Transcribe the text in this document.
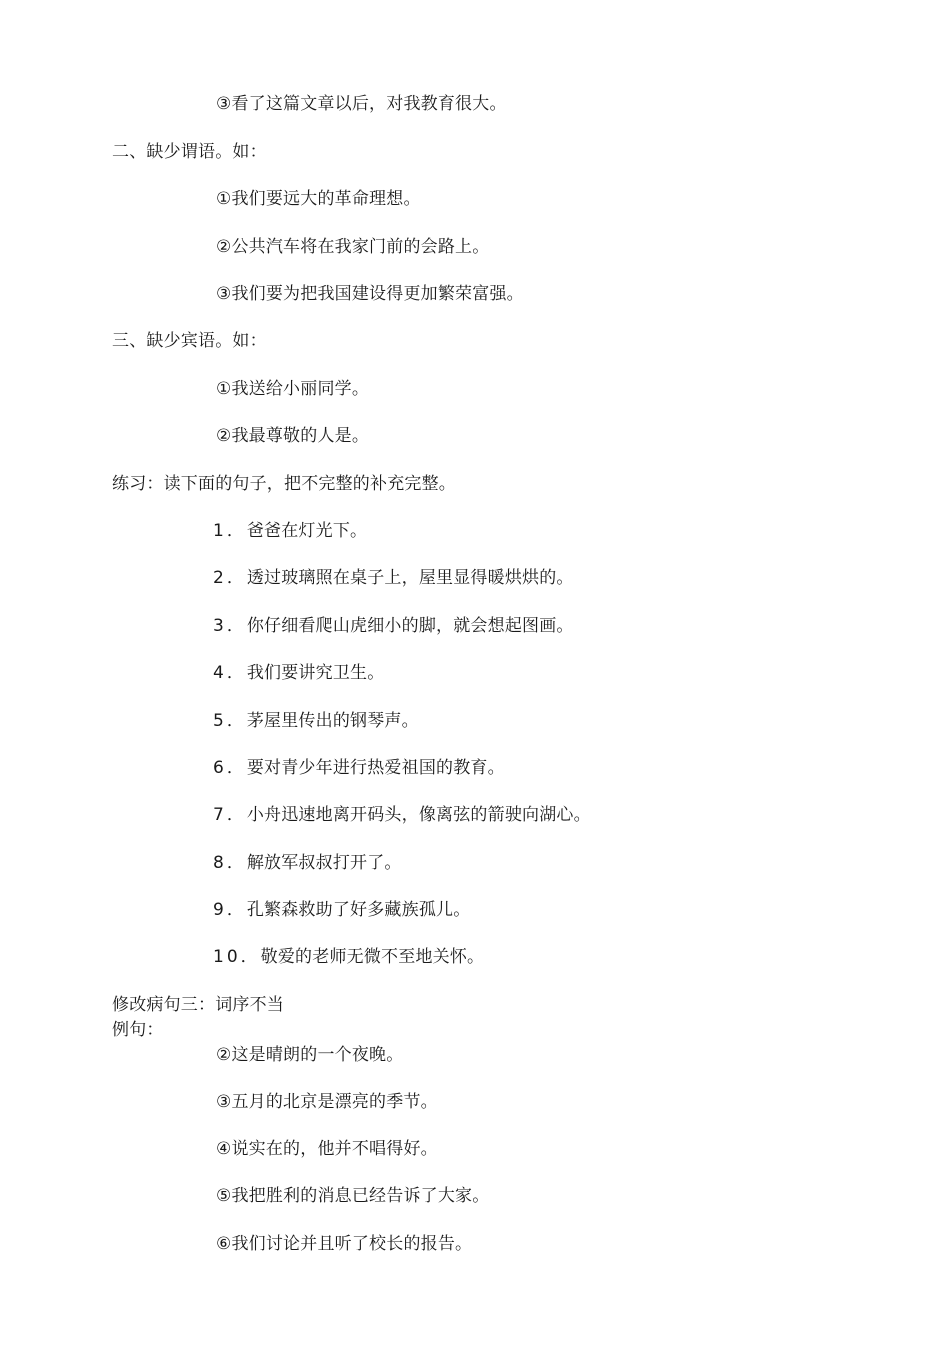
③看了这篇文章以后，对我教育很大。
二、缺少谓语。如：
①我们要远大的革命理想。
②公共汽车将在我家门前的会路上。
③我们要为把我国建设得更加繁荣富强。
三、缺少宾语。如：
①我送给小丽同学。
②我最尊敬的人是。
练习：读下面的句子，把不完整的补充完整。
1．爸爸在灯光下。
2．透过玻璃照在桌子上，屋里显得暖烘烘的。
3．你仔细看爬山虎细小的脚，就会想起图画。
4．我们要讲究卫生。
5．茅屋里传出的钢琴声。
6．要对青少年进行热爱祖国的教育。
7．小舟迅速地离开码头，像离弦的箭驶向湖心。
8．解放军叔叔打开了。
9．孔繁森救助了好多藏族孤儿。
10．敬爱的老师无微不至地关怀。
修改病句三：词序不当
例句：
②这是晴朗的一个夜晚。
③五月的北京是漂亮的季节。
④说实在的，他并不唱得好。
⑤我把胜利的消息已经告诉了大家。
⑥我们讨论并且听了校长的报告。
